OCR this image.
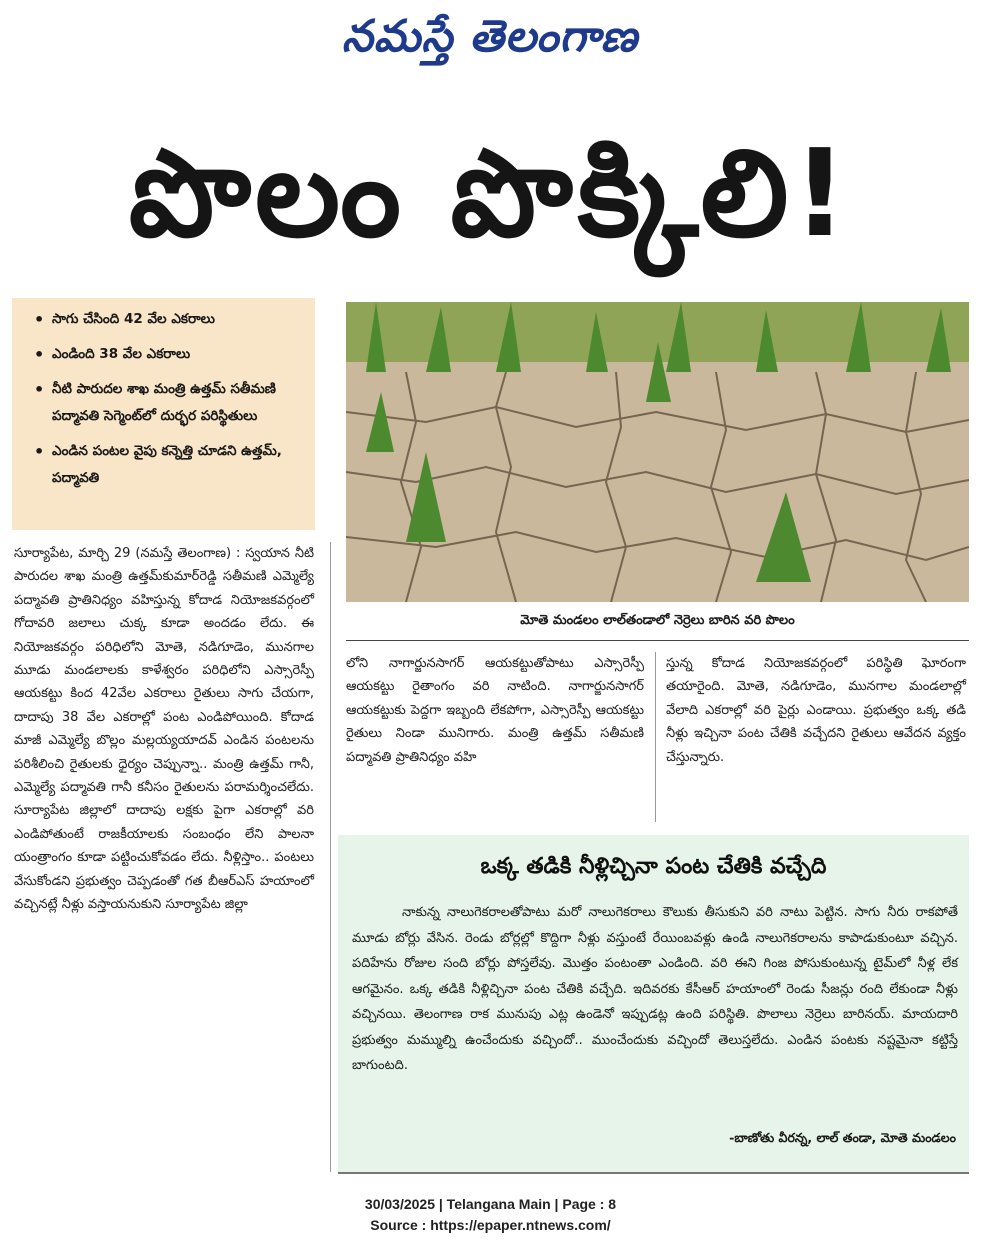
నమస్తే తెలంగాణ
పొలం పొక్కిలి!
• సాగు చేసింది 42 వేల ఎకరాలు
• ఎండింది 38 వేల ఎకరాలు
• నీటి పారుదల శాఖ మంత్రి ఉత్తమ్ సతీమణి పద్మావతి సెగ్మెంట్‌లో దుర్భర పరిస్థితులు
• ఎండిన పంటల వైపు కన్నెత్తి చూడని ఉత్తమ్, పద్మావతి
మోతె మండలం లాల్‌తండాలో నెర్రెలు బారిన వరి పొలం
సూర్యాపేట, మార్చి 29 (నమస్తే తెలంగాణ) : స్వయాన నీటి పారుదల శాఖ మంత్రి ఉత్తమ్‌కుమార్‌రెడ్డి సతీమణి ఎమ్మెల్యే పద్మావతి ప్రాతినిధ్యం వహిస్తున్న కోదాడ నియోజకవర్గంలో గోదావరి జలాలు చుక్క కూడా అందడం లేదు. ఈ నియోజకవర్గం పరిధిలోని మోతె, నడిగూడెం, మునగాల మూడు మండలాలకు కాళేశ్వరం పరిధిలోని ఎస్సారెస్పీ ఆయకట్టు కింద 42వేల ఎకరాలు రైతులు సాగు చేయగా, దాదాపు 38 వేల ఎకరాల్లో పంట ఎండిపోయింది. కోదాడ మాజీ ఎమ్మెల్యే బొల్లం మల్లయ్యయాదవ్ ఎండిన పంటలను పరిశీలించి రైతులకు ధైర్యం చెప్పున్నా.. మంత్రి ఉత్తమ్ గానీ, ఎమ్మెల్యే పద్మావతి గానీ కనీసం రైతులను పరామర్శించలేదు. సూర్యాపేట జిల్లాలో దాదాపు లక్షకు పైగా ఎకరాల్లో వరి ఎండిపోతుంటే రాజకీయాలకు సంబంధం లేని పాలనా యంత్రాంగం కూడా పట్టించుకోవడం లేదు. నీళ్లిస్తాం.. పంటలు వేసుకోండని ప్రభుత్వం చెప్పడంతో గత బీఆర్‌ఎస్ హయాంలో వచ్చినట్లే నీళ్లు వస్తాయనుకుని సూర్యాపేట జిల్లా
లోని నాగార్జునసాగర్ ఆయకట్టుతోపాటు ఎస్సారెస్పీ ఆయకట్టు రైతాంగం వరి నాటింది. నాగార్జునసాగర్ ఆయకట్టుకు పెద్దగా ఇబ్బంది లేకపోగా, ఎస్సారెస్పీ ఆయకట్టు రైతులు నిండా మునిగారు. మంత్రి ఉత్తమ్ సతీమణి పద్మావతి ప్రాతినిధ్యం వహి
స్తున్న కోదాడ నియోజకవర్గంలో పరిస్థితి ఘోరంగా తయారైంది. మోతె, నడిగూడెం, మునగాల మండలాల్లో వేలాది ఎకరాల్లో వరి పైర్లు ఎండాయి. ప్రభుత్వం ఒక్క తడి నీళ్లు ఇచ్చినా పంట చేతికి వచ్చేదని రైతులు ఆవేదన వ్యక్తం చేస్తున్నారు.
ఒక్క తడికి నీళ్లిచ్చినా పంట చేతికి వచ్చేది
నాకున్న నాలుగెకరాలతోపాటు మరో నాలుగెకరాలు కౌలుకు తీసుకుని వరి నాటు పెట్టిన. సాగు నీరు రాకపోతే మూడు బోర్లు వేసిన. రెండు బోర్లల్లో కొద్దిగా నీళ్లు వస్తుంటే రేయింబవళ్లు ఉండి నాలుగెకరాలను కాపాడుకుంటూ వచ్చిన. పదిహేను రోజుల సంది బోర్లు పోస్తలేవు. మొత్తం పంటంతా ఎండింది. వరి ఈని గింజ పోసుకుంటున్న టైమ్‌లో నీళ్ల లేక ఆగమైనం. ఒక్క తడికి నీళ్లిచ్చినా పంట చేతికి వచ్చేది. ఇదివరకు కేసీఆర్ హయాంలో రెండు సీజన్లు రంది లేకుండా నీళ్లు వచ్చినయి. తెలంగాణ రాక మునుపు ఎట్ల ఉండెనో ఇప్పుడట్ల ఉంది పరిస్థితి. పొలాలు నెర్రెలు బారినయ్. మాయదారి ప్రభుత్వం మమ్ముల్ని ఉంచేందుకు వచ్చిందో.. ముంచేందుకు వచ్చిందో తెలుస్తలేదు. ఎండిన పంటకు నష్టమైనా కట్టిస్తే బాగుంటది.
-బాణోతు వీరన్న, లాల్ తండా, మోతె మండలం
30/03/2025 | Telangana Main | Page : 8
Source : https://epaper.ntnews.com/
